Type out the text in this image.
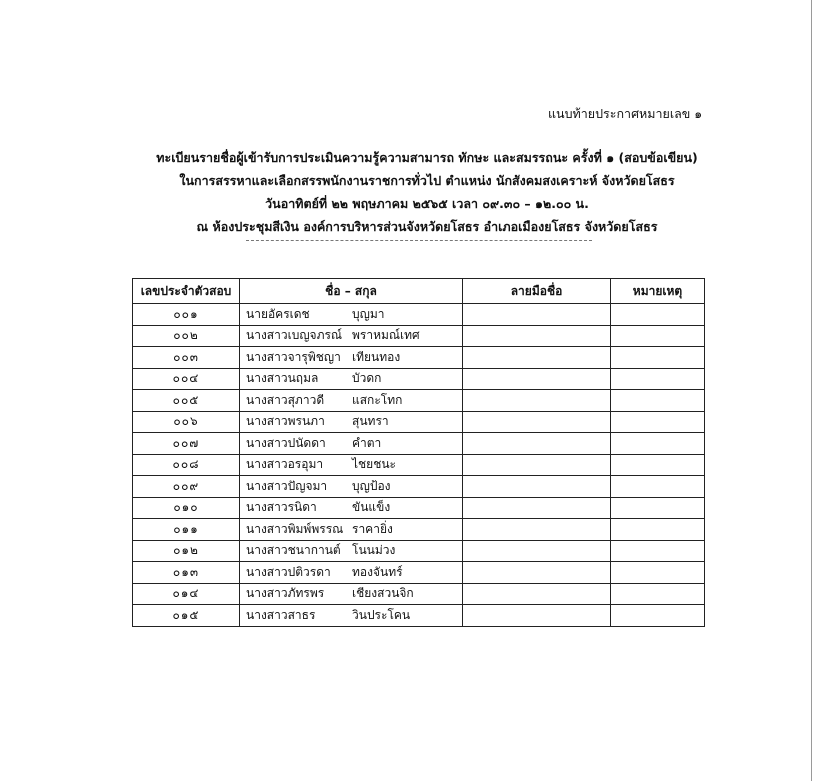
แนบท้ายประกาศหมายเลข ๑
ทะเบียนรายชื่อผู้เข้ารับการประเมินความรู้ความสามารถ ทักษะ และสมรรถนะ ครั้งที่ ๑ (สอบข้อเขียน)
ในการสรรหาและเลือกสรรพนักงานราชการทั่วไป ตำแหน่ง นักสังคมสงเคราะห์ จังหวัดยโสธร
วันอาทิตย์ที่ ๒๒ พฤษภาคม ๒๕๖๕ เวลา ๐๙.๓๐ – ๑๒.๐๐ น.
ณ ห้องประชุมสีเงิน องค์การบริหารส่วนจังหวัดยโสธร อำเภอเมืองยโสธร จังหวัดยโสธร
เลขประจำตัวสอบ	ชื่อ – สกุล	ลายมือชื่อ	หมายเหตุ
๐๐๑	นายอัครเดช บุญมา		
๐๐๒	นางสาวเบญจภรณ์ พราหมณ์เทศ		
๐๐๓	นางสาวจารุพิชญา เทียนทอง		
๐๐๔	นางสาวนฤมล บัวดก		
๐๐๕	นางสาวสุภาวดี แสกะโทก		
๐๐๖	นางสาวพรนภา สุนทรา		
๐๐๗	นางสาวปนัดดา คำตา		
๐๐๘	นางสาวอรอุมา ไชยชนะ		
๐๐๙	นางสาวปัญจมา บุญป้อง		
๐๑๐	นางสาวรนิดา ขันแข็ง		
๐๑๑	นางสาวพิมพ์พรรณ ราคายิ่ง		
๐๑๒	นางสาวชนากานต์ โนนม่วง		
๐๑๓	นางสาวปติวรดา ทองจันทร์		
๐๑๔	นางสาวภัทรพร เชียงสวนจิก		
๐๑๕	นางสาวสาธร วินประโคน		
